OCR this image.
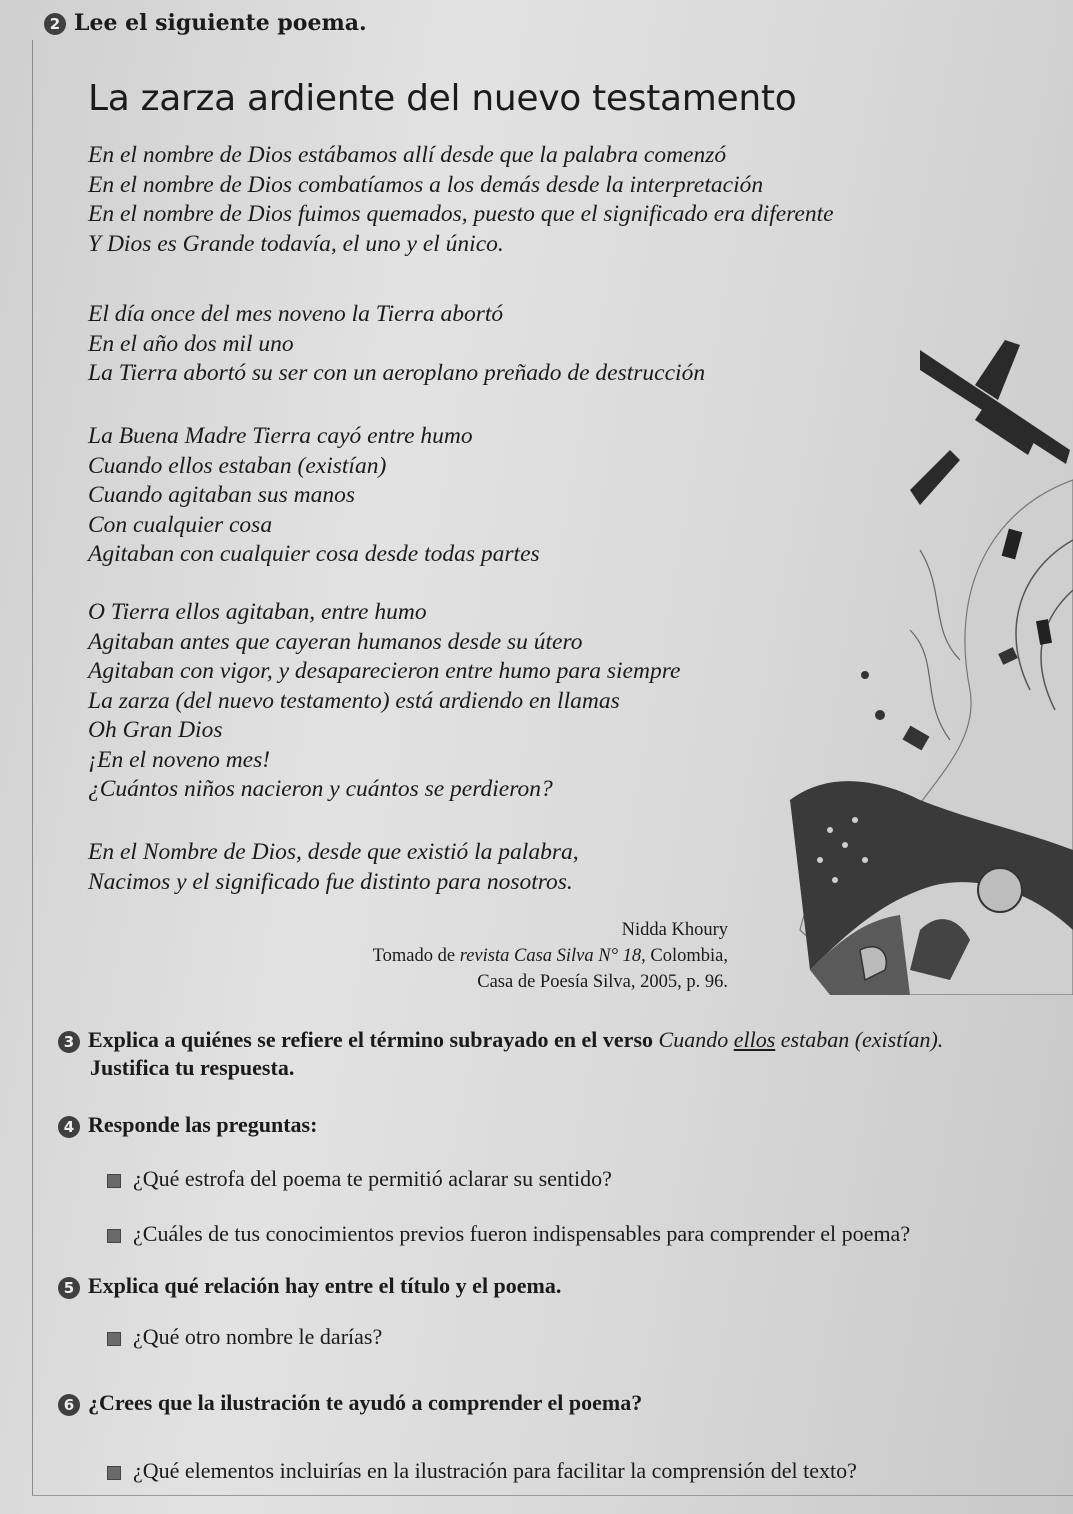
2 Lee el siguiente poema.
La zarza ardiente del nuevo testamento
En el nombre de Dios estábamos allí desde que la palabra comenzó
En el nombre de Dios combatíamos a los demás desde la interpretación
En el nombre de Dios fuimos quemados, puesto que el significado era diferente
Y Dios es Grande todavía, el uno y el único.
El día once del mes noveno la Tierra abortó
En el año dos mil uno
La Tierra abortó su ser con un aeroplano preñado de destrucción
La Buena Madre Tierra cayó entre humo
Cuando ellos estaban (existían)
Cuando agitaban sus manos
Con cualquier cosa
Agitaban con cualquier cosa desde todas partes
O Tierra ellos agitaban, entre humo
Agitaban antes que cayeran humanos desde su útero
Agitaban con vigor, y desaparecieron entre humo para siempre
La zarza (del nuevo testamento) está ardiendo en llamas
Oh Gran Dios
¡En el noveno mes!
¿Cuántos niños nacieron y cuántos se perdieron?
En el Nombre de Dios, desde que existió la palabra,
Nacimos y el significado fue distinto para nosotros.
Nidda Khoury
Tomado de revista Casa Silva N° 18, Colombia,
Casa de Poesía Silva, 2005, p. 96.
3 Explica a quiénes se refiere el término subrayado en el verso Cuando ellos estaban (existían).
Justifica tu respuesta.
4 Responde las preguntas:
¿Qué estrofa del poema te permitió aclarar su sentido?
¿Cuáles de tus conocimientos previos fueron indispensables para comprender el poema?
5 Explica qué relación hay entre el título y el poema.
¿Qué otro nombre le darías?
6 ¿Crees que la ilustración te ayudó a comprender el poema?
¿Qué elementos incluirías en la ilustración para facilitar la comprensión del texto?
